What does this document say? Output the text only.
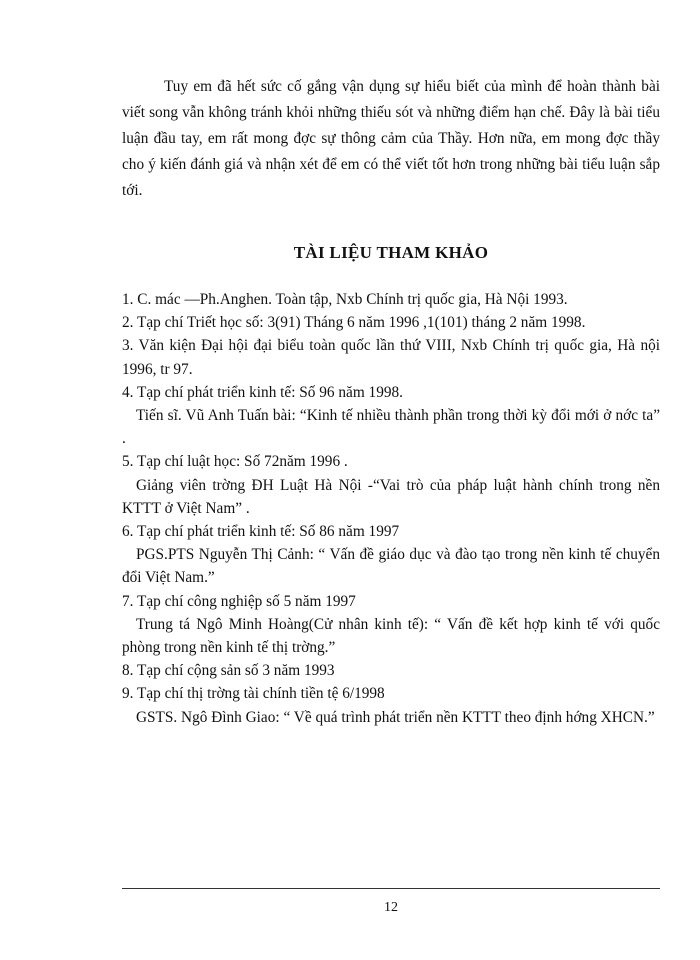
Tuy em đã hết sức cố gắng vận dụng sự hiểu biết của mình để hoàn thành bài viết song vẫn không tránh khỏi những thiếu sót và những điểm hạn chế. Đây là bài tiểu luận đầu tay, em rất mong đợc sự thông cảm của Thầy. Hơn nữa, em mong đợc thầy cho ý kiến đánh giá và nhận xét để em có thể viết tốt hơn trong những bài tiểu luận sắp tới.

TÀI LIỆU THAM KHẢO

1. C. mác —Ph.Anghen. Toàn tập, Nxb Chính trị quốc gia, Hà Nội 1993.

2. Tạp chí Triết học số: 3(91) Tháng 6 năm 1996 ,1(101) tháng 2 năm 1998.

3. Văn kiện Đại hội đại biểu toàn quốc lần thứ VIII, Nxb Chính trị quốc gia, Hà nội 1996, tr 97.

4. Tạp chí phát triển kinh tế: Số 96 năm 1998.

Tiến sĩ. Vũ Anh Tuấn bài: “Kinh tế nhiều thành phần trong thời kỳ đổi mới ở nớc ta” .

5. Tạp chí luật học: Số 72năm 1996 .

Giảng viên trờng ĐH Luật Hà Nội -“Vai trò của pháp luật hành chính trong nền KTTT ở Việt Nam” .

6. Tạp chí phát triển kinh tế: Số 86 năm 1997

PGS.PTS Nguyễn Thị Cảnh: “ Vấn đề giáo dục và đào tạo trong nền kinh tế chuyển đổi Việt Nam.”

7. Tạp chí công nghiệp số 5 năm 1997

Trung tá Ngô Minh Hoàng(Cử nhân kinh tế): “ Vấn đề kết hợp kinh tế với quốc phòng trong nền kinh tế thị trờng.”

8. Tạp chí cộng sản số 3 năm 1993

9. Tạp chí thị trờng tài chính tiền tệ 6/1998

GSTS. Ngô Đình Giao: “ Về quá trình phát triển nền KTTT theo định hớng XHCN.”

12
